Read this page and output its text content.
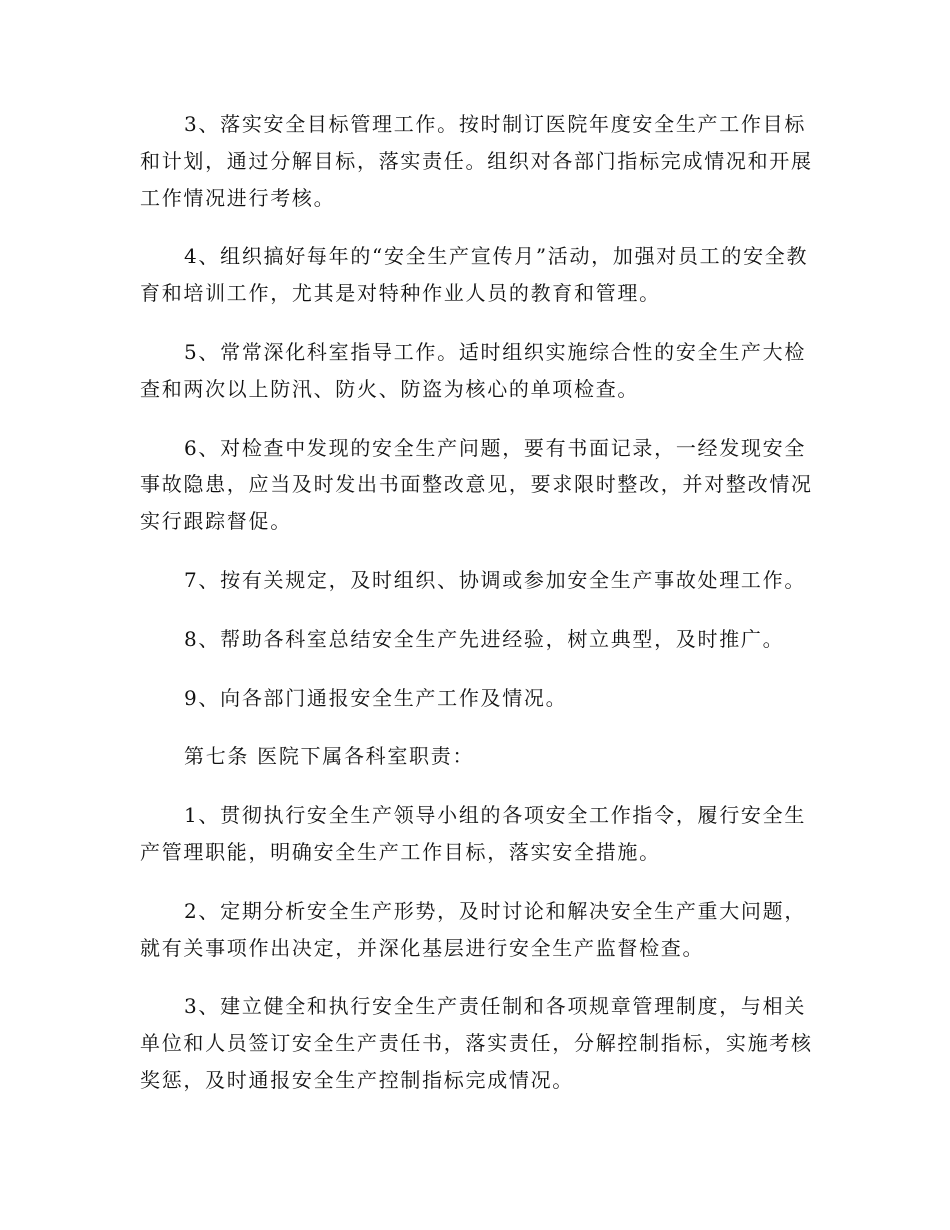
3、落实安全目标管理工作。按时制订医院年度安全生产工作目标和计划，通过分解目标，落实责任。组织对各部门指标完成情况和开展工作情况进行考核。

4、组织搞好每年的“安全生产宣传月”活动，加强对员工的安全教育和培训工作，尤其是对特种作业人员的教育和管理。

5、常常深化科室指导工作。适时组织实施综合性的安全生产大检查和两次以上防汛、防火、防盗为核心的单项检查。

6、对检查中发现的安全生产问题，要有书面记录，一经发现安全事故隐患，应当及时发出书面整改意见，要求限时整改，并对整改情况实行跟踪督促。

7、按有关规定，及时组织、协调或参加安全生产事故处理工作。

8、帮助各科室总结安全生产先进经验，树立典型，及时推广。

9、向各部门通报安全生产工作及情况。

第七条 医院下属各科室职责：

1、贯彻执行安全生产领导小组的各项安全工作指令，履行安全生产管理职能，明确安全生产工作目标，落实安全措施。

2、定期分析安全生产形势，及时讨论和解决安全生产重大问题，就有关事项作出决定，并深化基层进行安全生产监督检查。

3、建立健全和执行安全生产责任制和各项规章管理制度，与相关单位和人员签订安全生产责任书，落实责任，分解控制指标，实施考核奖惩，及时通报安全生产控制指标完成情况。
